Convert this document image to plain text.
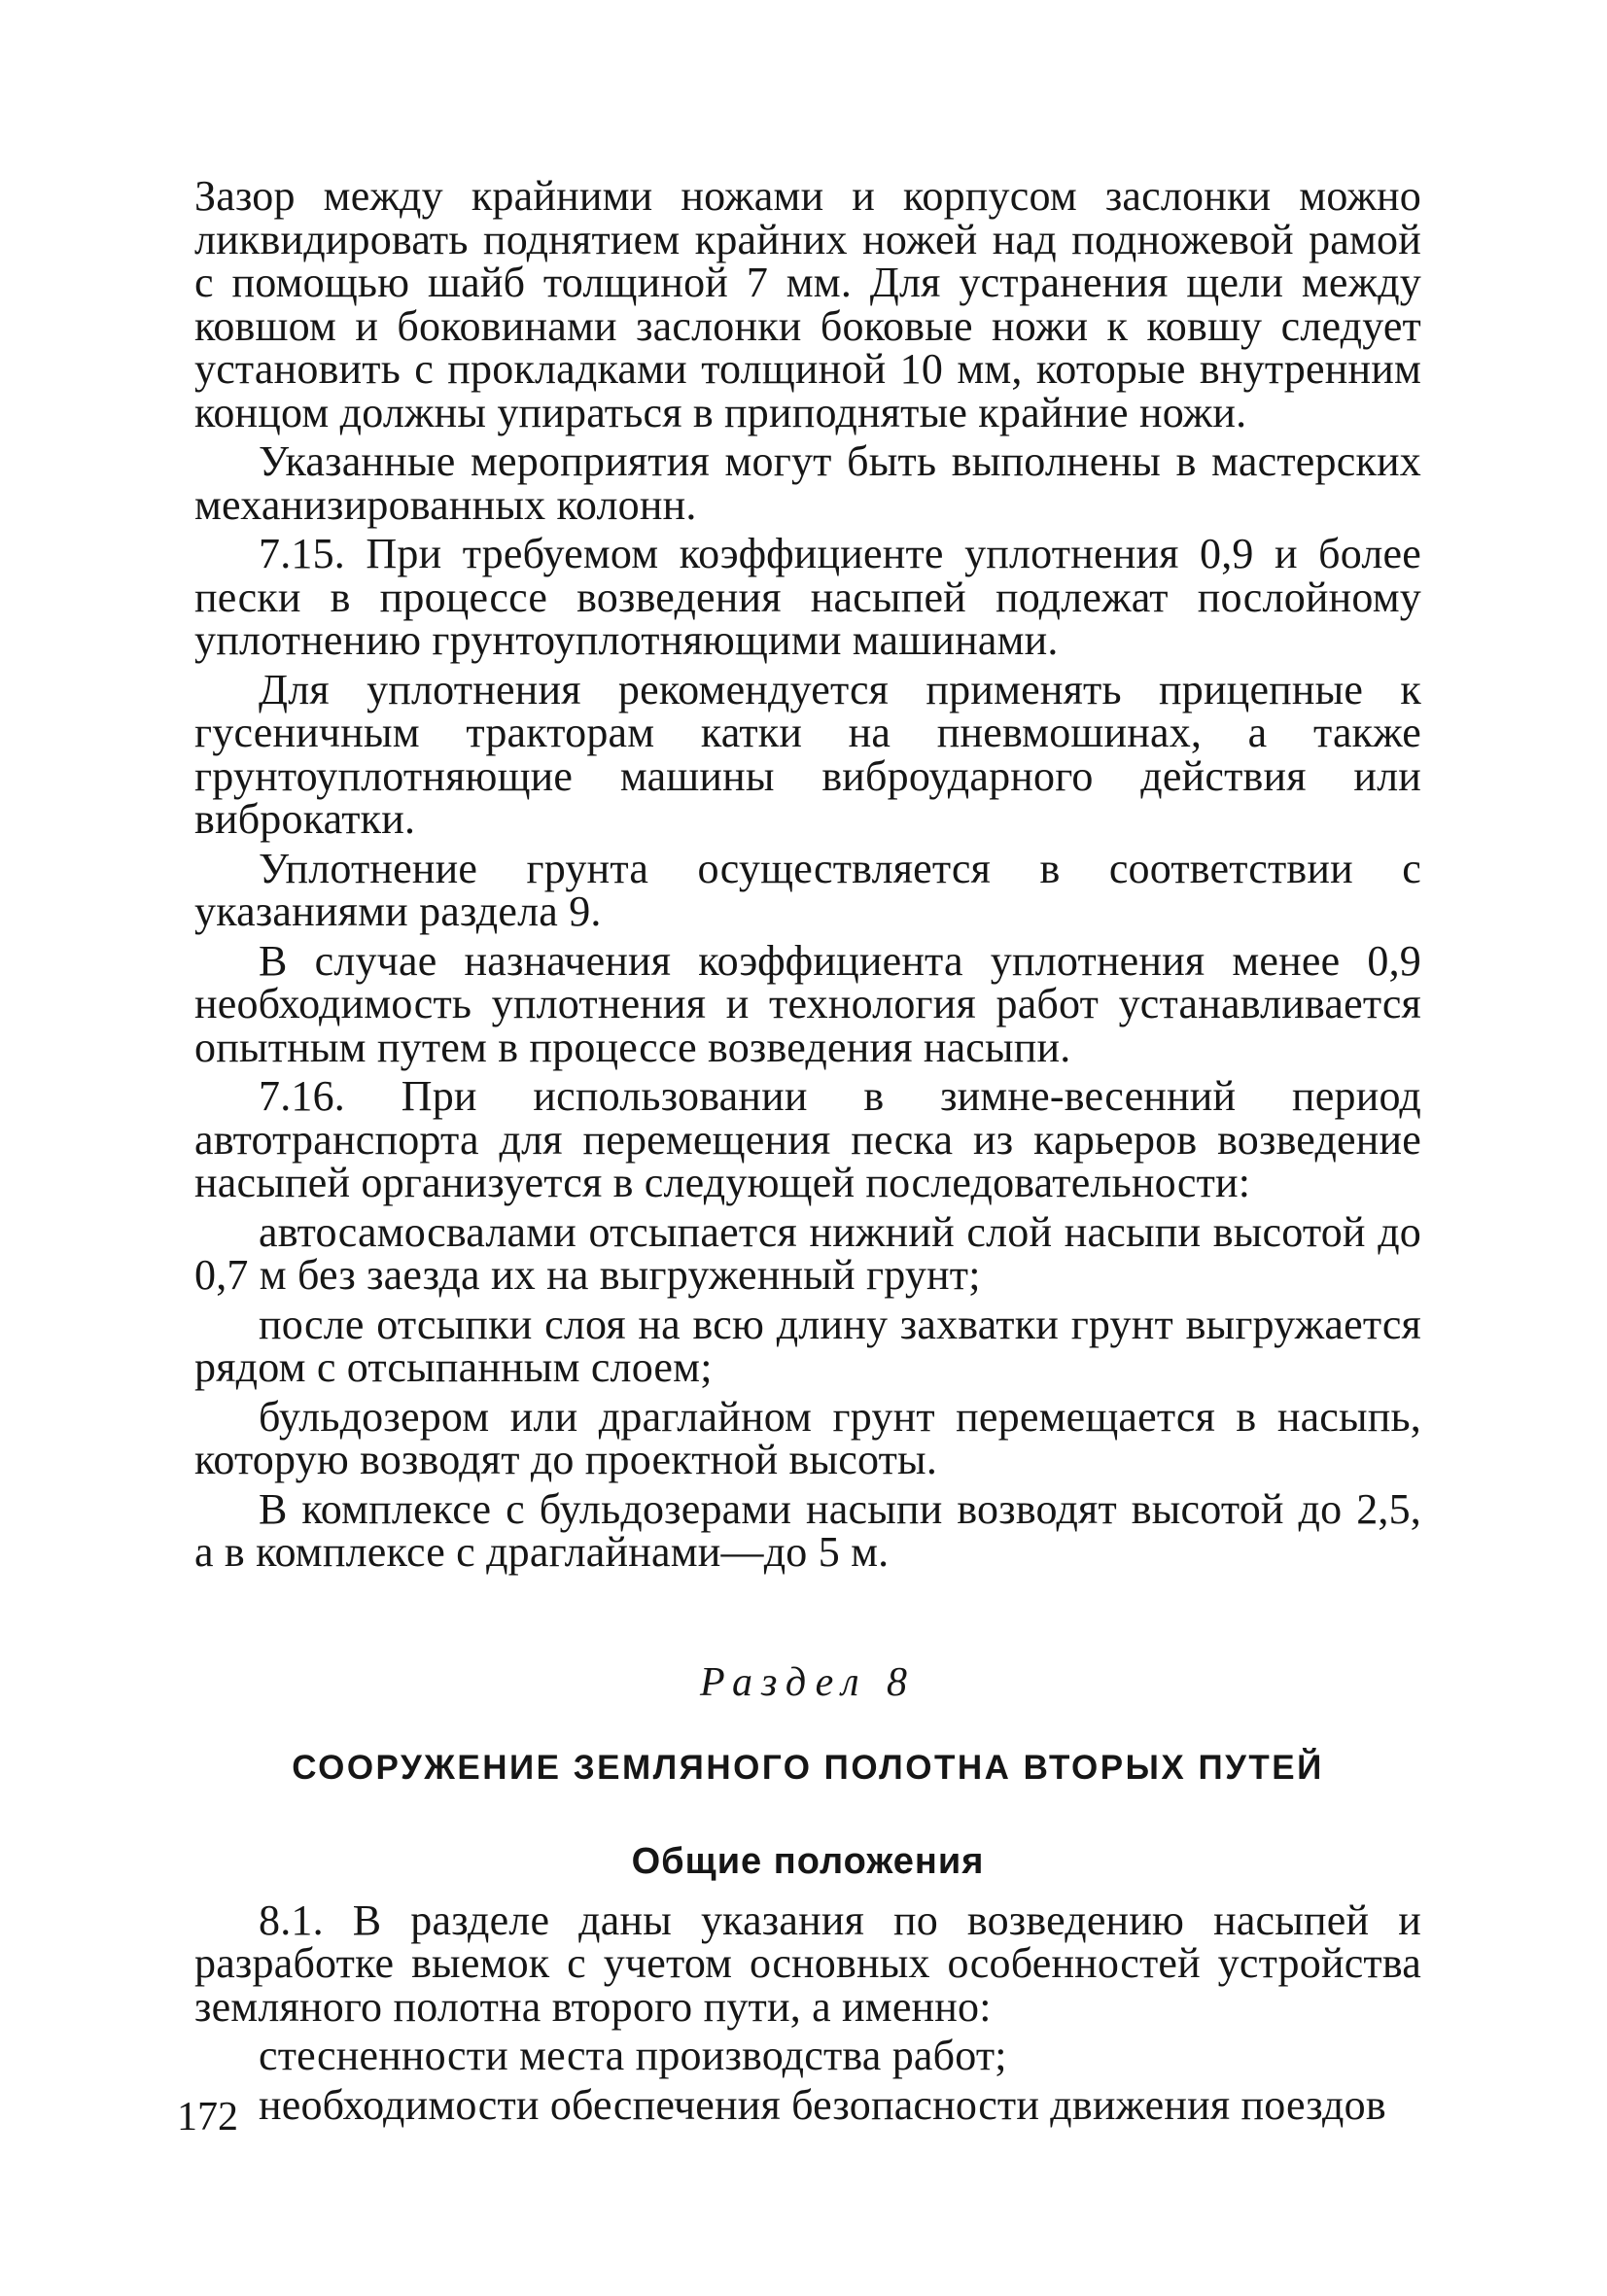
Зазор между крайними ножами и корпусом заслонки можно ликвидировать поднятием крайних ножей над подножевой рамой с помощью шайб толщиной 7 мм. Для устранения щели между ковшом и боковинами заслонки боковые ножи к ковшу следует установить с прокладками толщиной 10 мм, которые внутренним концом должны упираться в приподнятые крайние ножи.

Указанные мероприятия могут быть выполнены в мастерских механизированных колонн.

7.15. При требуемом коэффициенте уплотнения 0,9 и более пески в процессе возведения насыпей подлежат послойному уплотнению грунтоуплотняющими машинами.

Для уплотнения рекомендуется применять прицепные к гусеничным тракторам катки на пневмошинах, а также грунтоуплотняющие машины виброударного действия или виброкатки.

Уплотнение грунта осуществляется в соответствии с указаниями раздела 9.

В случае назначения коэффициента уплотнения менее 0,9 необходимость уплотнения и технология работ устанавливается опытным путем в процессе возведения насыпи.

7.16. При использовании в зимне-весенний период автотранспорта для перемещения песка из карьеров возведение насыпей организуется в следующей последовательности:

автосамосвалами отсыпается нижний слой насыпи высотой до 0,7 м без заезда их на выгруженный грунт;

после отсыпки слоя на всю длину захватки грунт выгружается рядом с отсыпанным слоем;

бульдозером или драглайном грунт перемещается в насыпь, которую возводят до проектной высоты.

В комплексе с бульдозерами насыпи возводят высотой до 2,5, а в комплексе с драглайнами—до 5 м.

Раздел 8

СООРУЖЕНИЕ ЗЕМЛЯНОГО ПОЛОТНА ВТОРЫХ ПУТЕЙ

Общие положения

8.1. В разделе даны указания по возведению насыпей и разработке выемок с учетом основных особенностей устройства земляного полотна второго пути, а именно:

стесненности места производства работ;

необходимости обеспечения безопасности движения поездов

172
